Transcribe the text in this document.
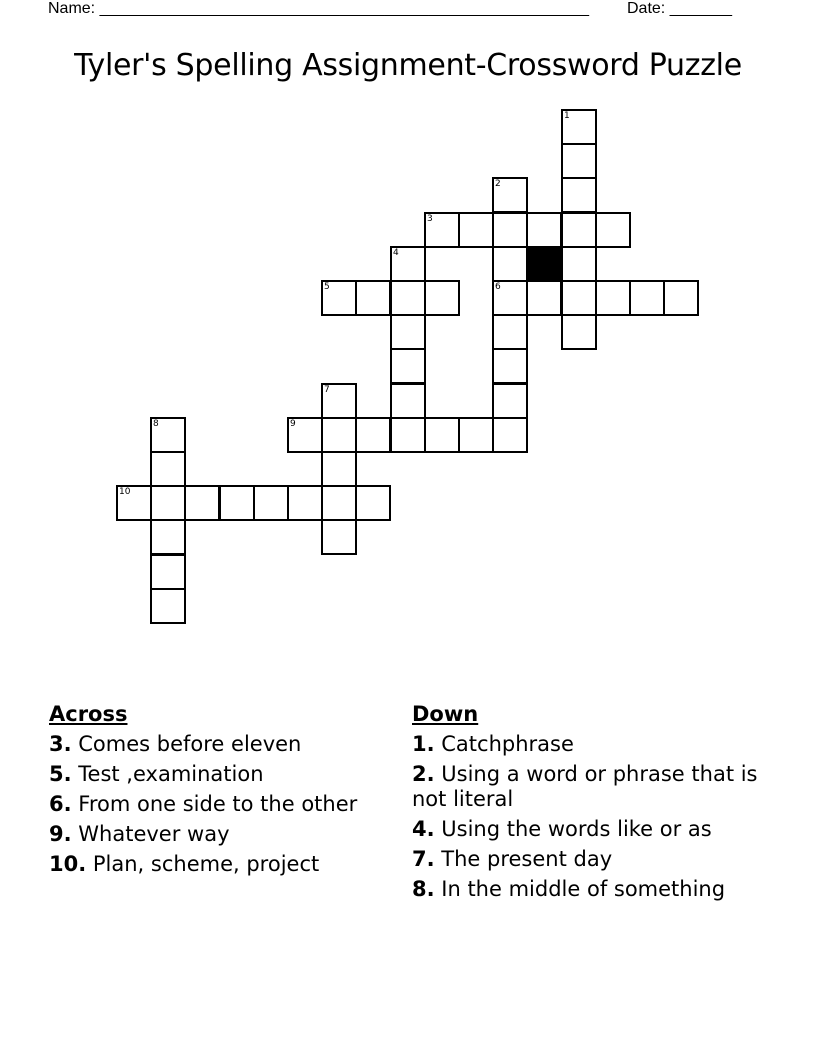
Name: _______________________________________________________ Date: _______
Tyler's Spelling Assignment-Crossword Puzzle
1
2
6
3
4
5
7
8	9
10
Across
3. Comes before eleven
5. Test ,examination
6. From one side to the other
9. Whatever way
10. Plan, scheme, project
Down
1. Catchphrase
2. Using a word or phrase that is not literal
4. Using the words like or as
7. The present day
8. In the middle of something
